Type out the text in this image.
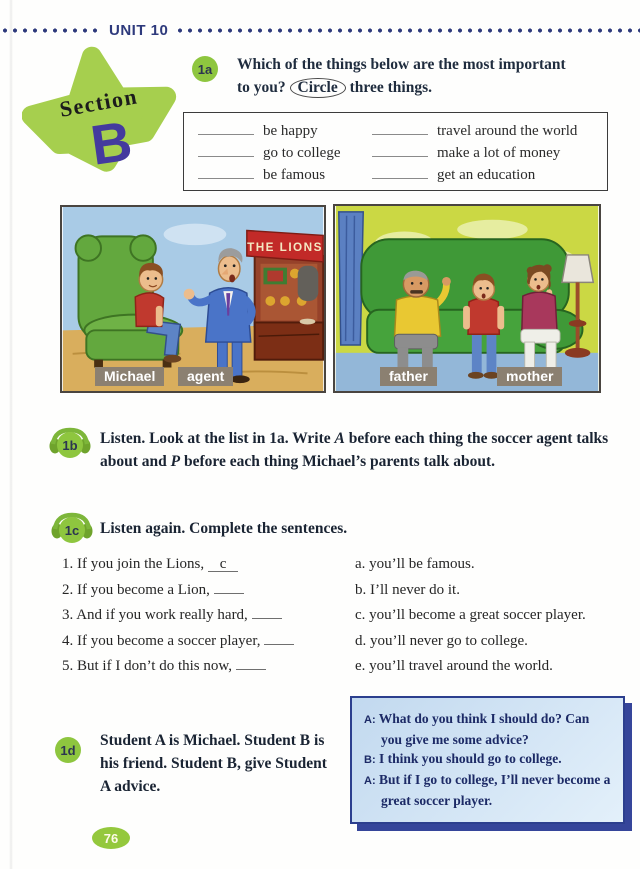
UNIT 10
Section
B
1a	Which of the things below are the most important
to you? Circle three things.
be happy	travel around the world
go to college	make a lot of money
be famous	get an education
THE LIONS
Michael	agent	father	mother
1b Listen. Look at the list in 1a. Write A before each thing the soccer agent talks about and P before each thing Michael’s parents talk about.
1c Listen again. Complete the sentences.
1. If you join the Lions, c
2. If you become a Lion,
3. And if you work really hard,
4. If you become a soccer player,
5. But if I don’t do this now,
a. you’ll be famous.
b. I’ll never do it.
c. you’ll become a great soccer player.
d. you’ll never go to college.
e. you’ll travel around the world.
1d
Student A is Michael. Student B is his friend. Student B, give Student A advice.
A: What do you think I should do? Can you give me some advice?
B: I think you should go to college.
A: But if I go to college, I’ll never become a great soccer player.
76
